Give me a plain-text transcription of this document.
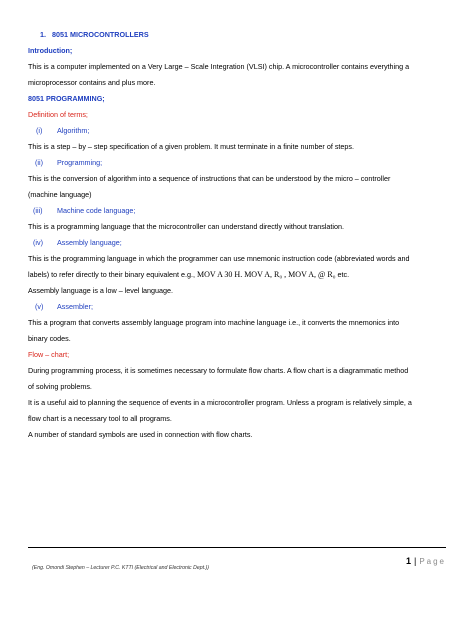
1. 8051 MICROCONTROLLERS
Introduction;
This is a computer implemented on a Very Large – Scale Integration (VLSI) chip. A microcontroller contains everything a
microprocessor contains and plus more.
8051 PROGRAMMING;
Definition of terms;
(i) Algorithm;
This is a step – by – step specification of a given problem. It must terminate in a finite number of steps.
(ii) Programming;
This is the conversion of algorithm into a sequence of instructions that can be understood by the micro – controller
(machine language)
(iii) Machine code language;
This is a programming language that the microcontroller can understand directly without translation.
(iv) Assembly language;
This is the programming language in which the programmer can use mnemonic instruction code (abbreviated words and
labels) to refer directly to their binary equivalent e.g., MOV A 30 H. MOV A, R₀ , MOV A, @ R₀ etc.
Assembly language is a low – level language.
(v) Assembler;
This a program that converts assembly language program into machine language i.e., it converts the mnemonics into
binary codes.
Flow – chart;
During programming process, it is sometimes necessary to formulate flow charts. A flow chart is a diagrammatic method
of solving problems.
It is a useful aid to planning the sequence of events in a microcontroller program. Unless a program is relatively simple, a
flow chart is a necessary tool to all programs.
A number of standard symbols are used in connection with flow charts.
1 | Page
(Eng. Omondi Stephen – Lecturer P.C. KTTI (Electrical and Electronic Dept.))
